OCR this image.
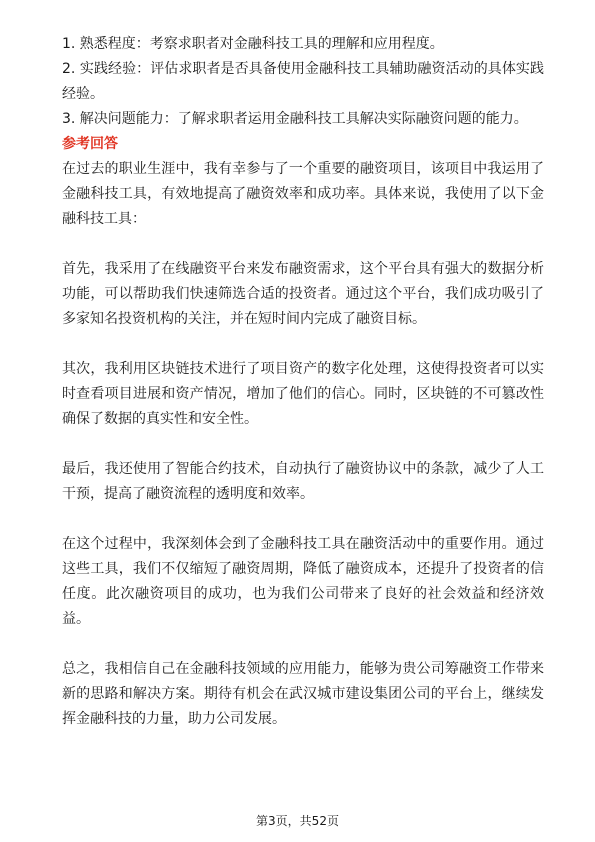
1. 熟悉程度：考察求职者对金融科技工具的理解和应用程度。

2. 实践经验：评估求职者是否具备使用金融科技工具辅助融资活动的具体实践经验。

3. 解决问题能力：了解求职者运用金融科技工具解决实际融资问题的能力。

参考回答

在过去的职业生涯中，我有幸参与了一个重要的融资项目，该项目中我运用了金融科技工具，有效地提高了融资效率和成功率。具体来说，我使用了以下金融科技工具：

首先，我采用了在线融资平台来发布融资需求，这个平台具有强大的数据分析功能，可以帮助我们快速筛选合适的投资者。通过这个平台，我们成功吸引了多家知名投资机构的关注，并在短时间内完成了融资目标。

其次，我利用区块链技术进行了项目资产的数字化处理，这使得投资者可以实时查看项目进展和资产情况，增加了他们的信心。同时，区块链的不可篡改性确保了数据的真实性和安全性。

最后，我还使用了智能合约技术，自动执行了融资协议中的条款，减少了人工干预，提高了融资流程的透明度和效率。

在这个过程中，我深刻体会到了金融科技工具在融资活动中的重要作用。通过这些工具，我们不仅缩短了融资周期，降低了融资成本，还提升了投资者的信任度。此次融资项目的成功，也为我们公司带来了良好的社会效益和经济效益。

总之，我相信自己在金融科技领域的应用能力，能够为贵公司筹融资工作带来新的思路和解决方案。期待有机会在武汉城市建设集团公司的平台上，继续发挥金融科技的力量，助力公司发展。

第3页，共52页
